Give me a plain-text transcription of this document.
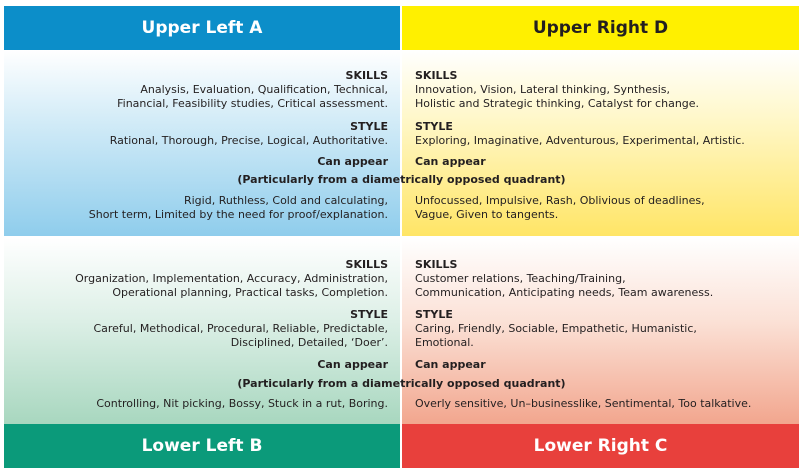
Upper Left A	Upper Right D
SKILLS
Analysis, Evaluation, Qualification, Technical,
Financial, Feasibility studies, Critical assessment.
STYLE
Rational, Thorough, Precise, Logical, Authoritative.
Can appear
Rigid, Ruthless, Cold and calculating,
Short term, Limited by the need for proof/explanation.
SKILLS
Innovation, Vision, Lateral thinking, Synthesis,
Holistic and Strategic thinking, Catalyst for change.
STYLE
Exploring, Imaginative, Adventurous, Experimental, Artistic.
Can appear
Unfocussed, Impulsive, Rash, Oblivious of deadlines,
Vague, Given to tangents.
SKILLS
Organization, Implementation, Accuracy, Administration,
Operational planning, Practical tasks, Completion.
STYLE
Careful, Methodical, Procedural, Reliable, Predictable,
Disciplined, Detailed, ‘Doer’.
Can appear
Controlling, Nit picking, Bossy, Stuck in a rut, Boring.
SKILLS
Customer relations, Teaching/Training,
Communication, Anticipating needs, Team awareness.
STYLE
Caring, Friendly, Sociable, Empathetic, Humanistic,
Emotional.
Can appear
Overly sensitive, Un–businesslike, Sentimental, Too talkative.
(Particularly from a diametrically opposed quadrant)
(Particularly from a diametrically opposed quadrant)
Lower Left B	Lower Right C
